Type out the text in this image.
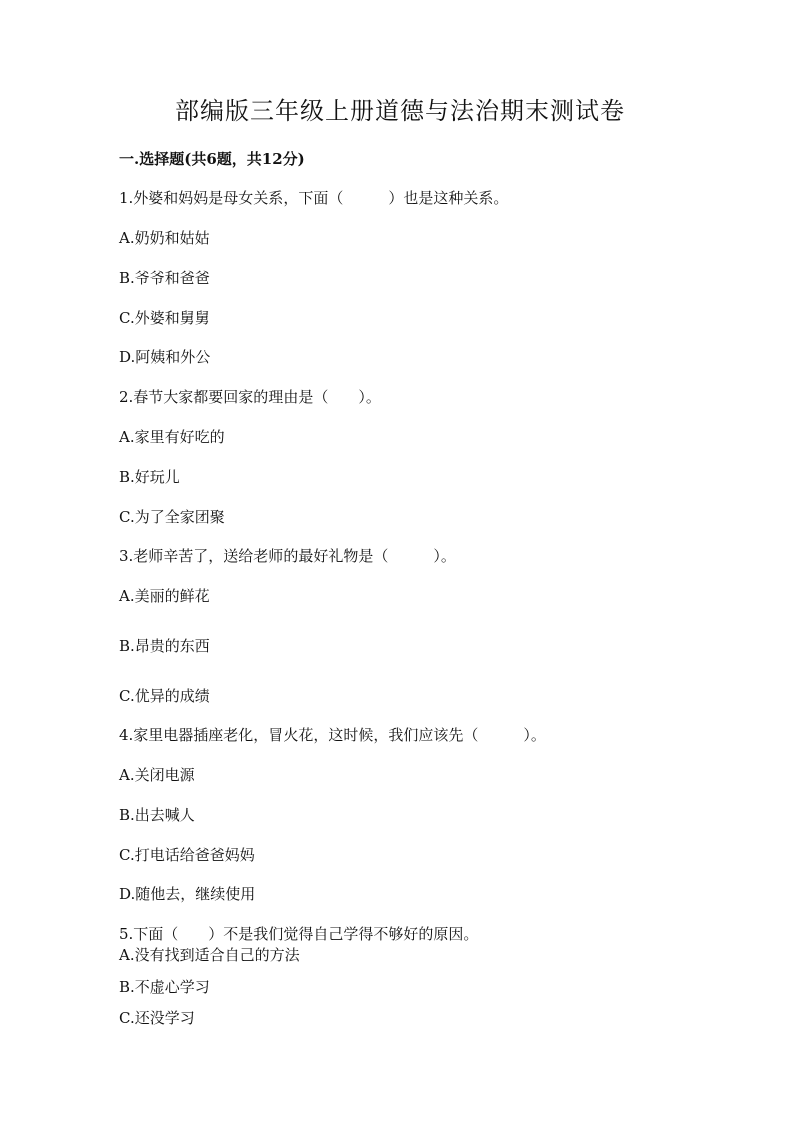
部编版三年级上册道德与法治期末测试卷
一.选择题(共6题，共12分)
1.外婆和妈妈是母女关系，下面（　　　）也是这种关系。
A.奶奶和姑姑
B.爷爷和爸爸
C.外婆和舅舅
D.阿姨和外公
2.春节大家都要回家的理由是（　　）。
A.家里有好吃的
B.好玩儿
C.为了全家团聚
3.老师辛苦了，送给老师的最好礼物是（　　　）。
A.美丽的鲜花
B.昂贵的东西
C.优异的成绩
4.家里电器插座老化，冒火花，这时候，我们应该先（　　　）。
A.关闭电源
B.出去喊人
C.打电话给爸爸妈妈
D.随他去，继续使用
5.下面（　　）不是我们觉得自己学得不够好的原因。
A.没有找到适合自己的方法
B.不虚心学习
C.还没学习
